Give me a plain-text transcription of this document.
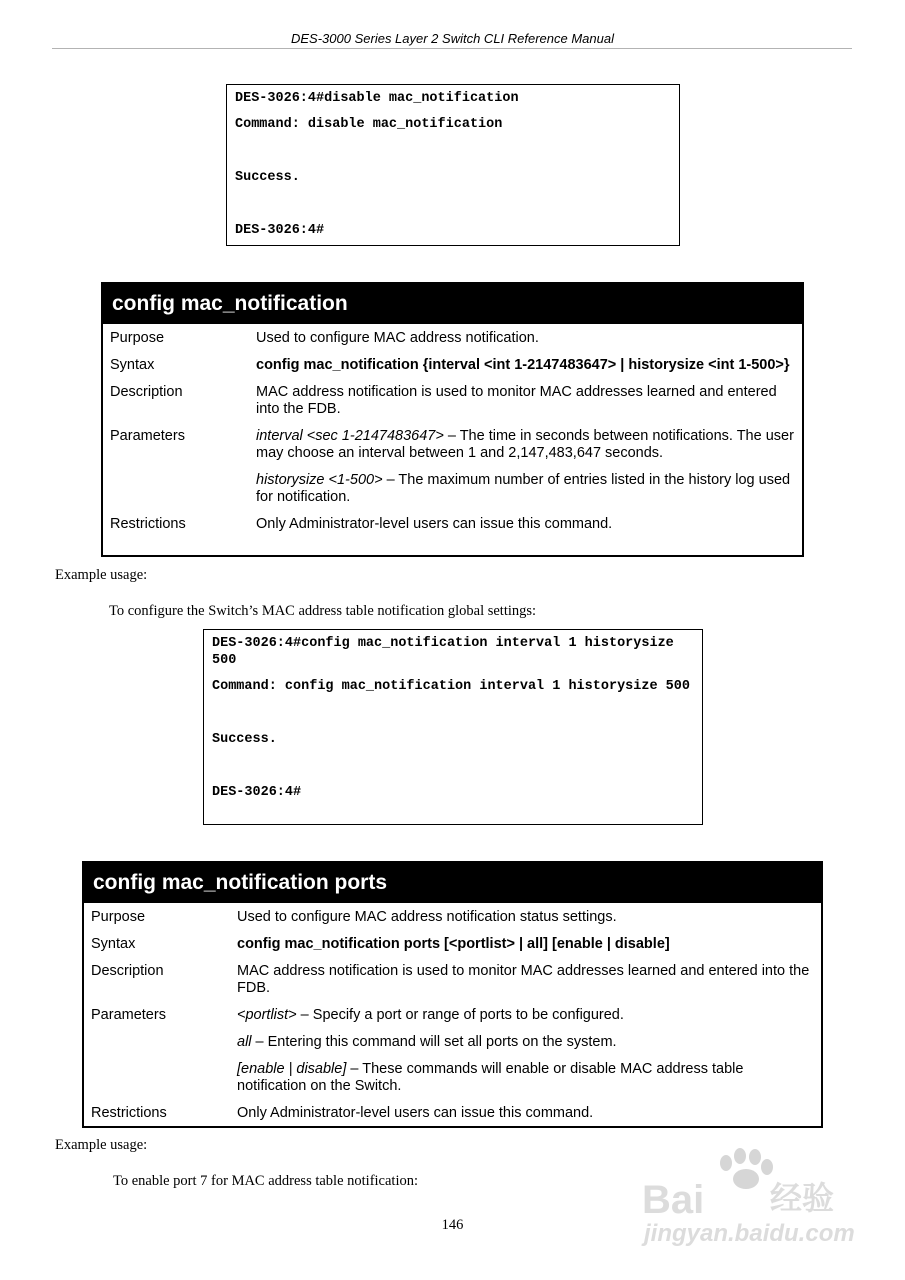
DES-3000 Series Layer 2 Switch CLI Reference Manual

DES-3026:4#disable mac_notification

Command: disable mac_notification

Success.

DES-3026:4#

config mac_notification
Purpose	Used to configure MAC address notification.
Syntax	config mac_notification {interval <int 1-2147483647> | historysize <int 1-500>}
Description	MAC address notification is used to monitor MAC addresses learned and entered into the FDB.
Parameters	interval <sec 1-2147483647> – The time in seconds between notifications. The user may choose an interval between 1 and 2,147,483,647 seconds.

historysize <1-500> – The maximum number of entries listed in the history log used for notification.

Restrictions	Only Administrator-level users can issue this command.
Example usage:
To configure the Switch’s MAC address table notification global settings:

DES-3026:4#config mac_notification interval 1 historysize 500

Command: config mac_notification interval 1 historysize 500

Success.

DES-3026:4#

config mac_notification ports
Purpose	Used to configure MAC address notification status settings.
Syntax	config mac_notification ports [<portlist> | all] [enable | disable]
Description	MAC address notification is used to monitor MAC addresses learned and entered into the FDB.
Parameters	<portlist> – Specify a port or range of ports to be configured.

all – Entering this command will set all ports on the system.

[enable | disable] – These commands will enable or disable MAC address table notification on the Switch.

Restrictions	Only Administrator-level users can issue this command.
Example usage:
To enable port 7 for MAC address table notification:	Bai 经验
jingyan.baidu.com
146
